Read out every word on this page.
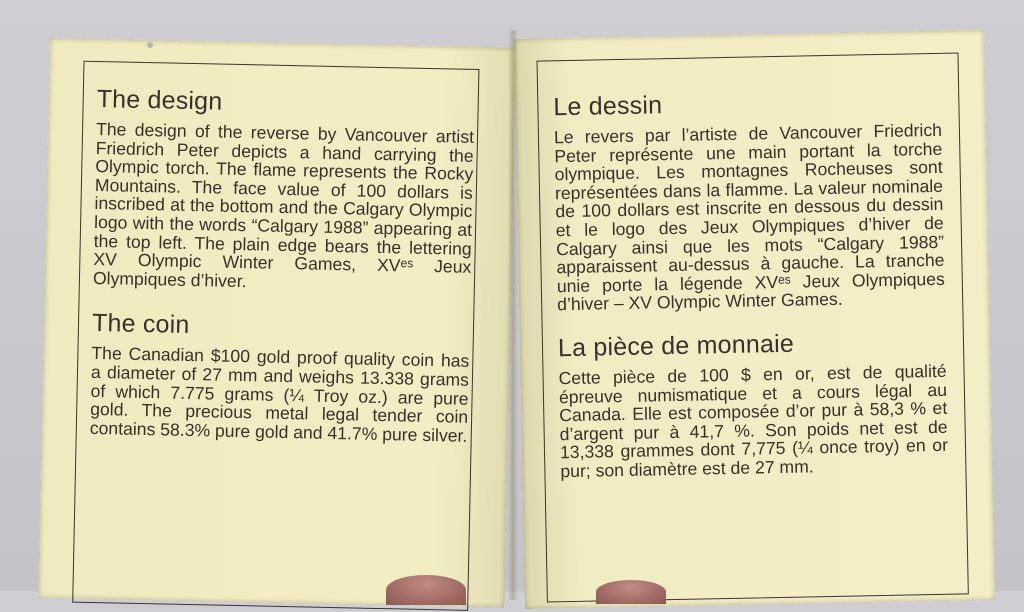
The design

The design of the reverse by Vancouver artist Friedrich Peter depicts a hand carrying the Olympic torch. The flame represents the Rocky Mountains. The face value of 100 dollars is inscribed at the bottom and the Calgary Olympic logo with the words “Calgary 1988” appearing at the top left. The plain edge bears the lettering XV Olympic Winter Games, XVᵉˢ Jeux Olympiques d’hiver.

The coin

The Canadian $100 gold proof quality coin has a diameter of 27 mm and weighs 13.338 grams of which 7.775 grams (¼ Troy oz.) are pure gold. The precious metal legal tender coin contains 58.3% pure gold and 41.7% pure silver.

Le dessin

Le revers par l’artiste de Vancouver Friedrich Peter représente une main portant la torche olympique. Les montagnes Rocheuses sont représentées dans la flamme. La valeur nominale de 100 dollars est inscrite en dessous du dessin et le logo des Jeux Olympiques d’hiver de Calgary ainsi que les mots “Calgary 1988” apparaissent au-dessus à gauche. La tranche unie porte la légende XVᵉˢ Jeux Olympiques d’hiver – XV Olympic Winter Games.

La pièce de monnaie

Cette pièce de 100 $ en or, est de qualité épreuve numismatique et a cours légal au Canada. Elle est composée d’or pur à 58,3 % et d’argent pur à 41,7 %. Son poids net est de 13,338 grammes dont 7,775 (¼ once troy) en or pur; son diamètre est de 27 mm.
